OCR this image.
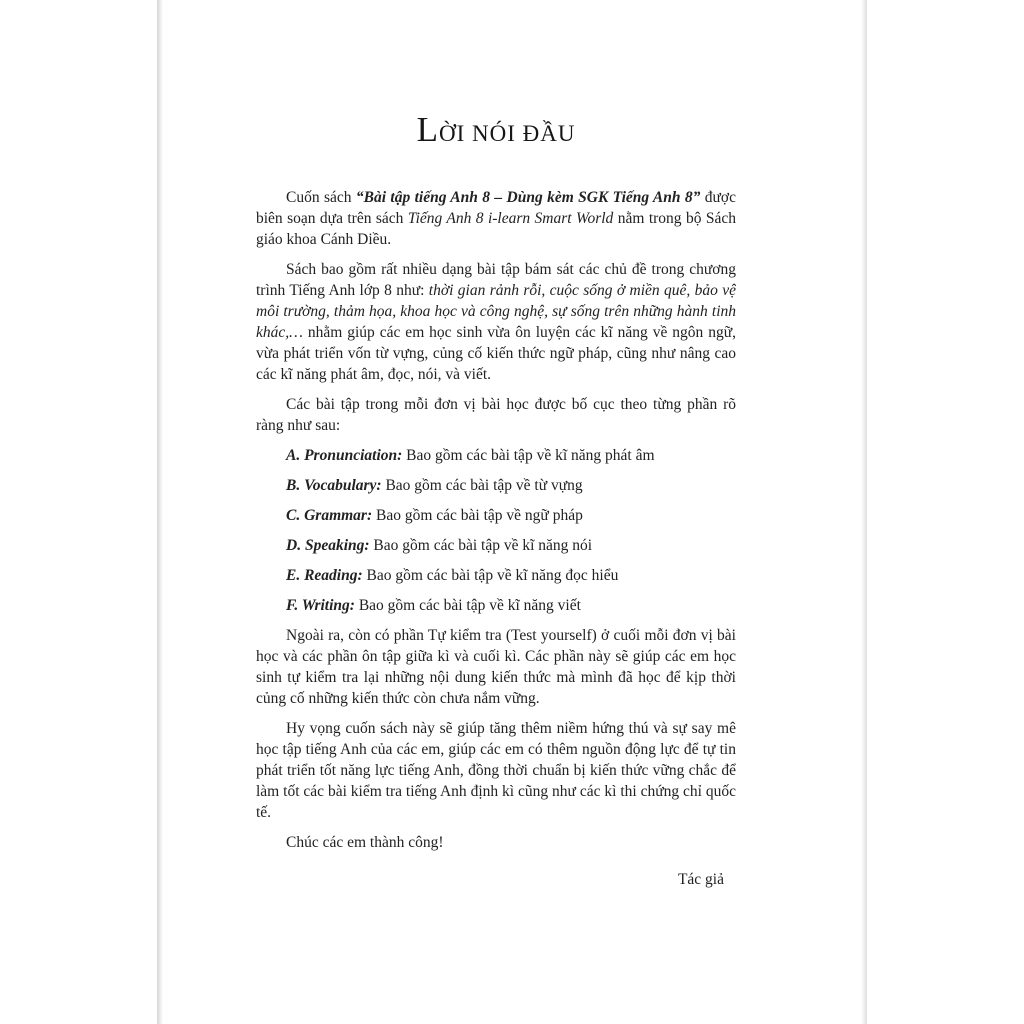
LỜI NÓI ĐẦU

Cuốn sách “Bài tập tiếng Anh 8 – Dùng kèm SGK Tiếng Anh 8” được biên soạn dựa trên sách Tiếng Anh 8 i-learn Smart World nằm trong bộ Sách giáo khoa Cánh Diều.

Sách bao gồm rất nhiều dạng bài tập bám sát các chủ đề trong chương trình Tiếng Anh lớp 8 như: thời gian rảnh rỗi, cuộc sống ở miền quê, bảo vệ môi trường, thảm họa, khoa học và công nghệ, sự sống trên những hành tinh khác,… nhằm giúp các em học sinh vừa ôn luyện các kĩ năng về ngôn ngữ, vừa phát triển vốn từ vựng, củng cố kiến thức ngữ pháp, cũng như nâng cao các kĩ năng phát âm, đọc, nói, và viết.

Các bài tập trong mỗi đơn vị bài học được bố cục theo từng phần rõ ràng như sau:

A. Pronunciation: Bao gồm các bài tập về kĩ năng phát âm

B. Vocabulary: Bao gồm các bài tập về từ vựng

C. Grammar: Bao gồm các bài tập về ngữ pháp

D. Speaking: Bao gồm các bài tập về kĩ năng nói

E. Reading: Bao gồm các bài tập về kĩ năng đọc hiểu

F. Writing: Bao gồm các bài tập về kĩ năng viết

Ngoài ra, còn có phần Tự kiểm tra (Test yourself) ở cuối mỗi đơn vị bài học và các phần ôn tập giữa kì và cuối kì. Các phần này sẽ giúp các em học sinh tự kiểm tra lại những nội dung kiến thức mà mình đã học để kịp thời củng cố những kiến thức còn chưa nắm vững.

Hy vọng cuốn sách này sẽ giúp tăng thêm niềm hứng thú và sự say mê học tập tiếng Anh của các em, giúp các em có thêm nguồn động lực để tự tin phát triển tốt năng lực tiếng Anh, đồng thời chuẩn bị kiến thức vững chắc để làm tốt các bài kiểm tra tiếng Anh định kì cũng như các kì thi chứng chỉ quốc tế.

Chúc các em thành công!

Tác giả
